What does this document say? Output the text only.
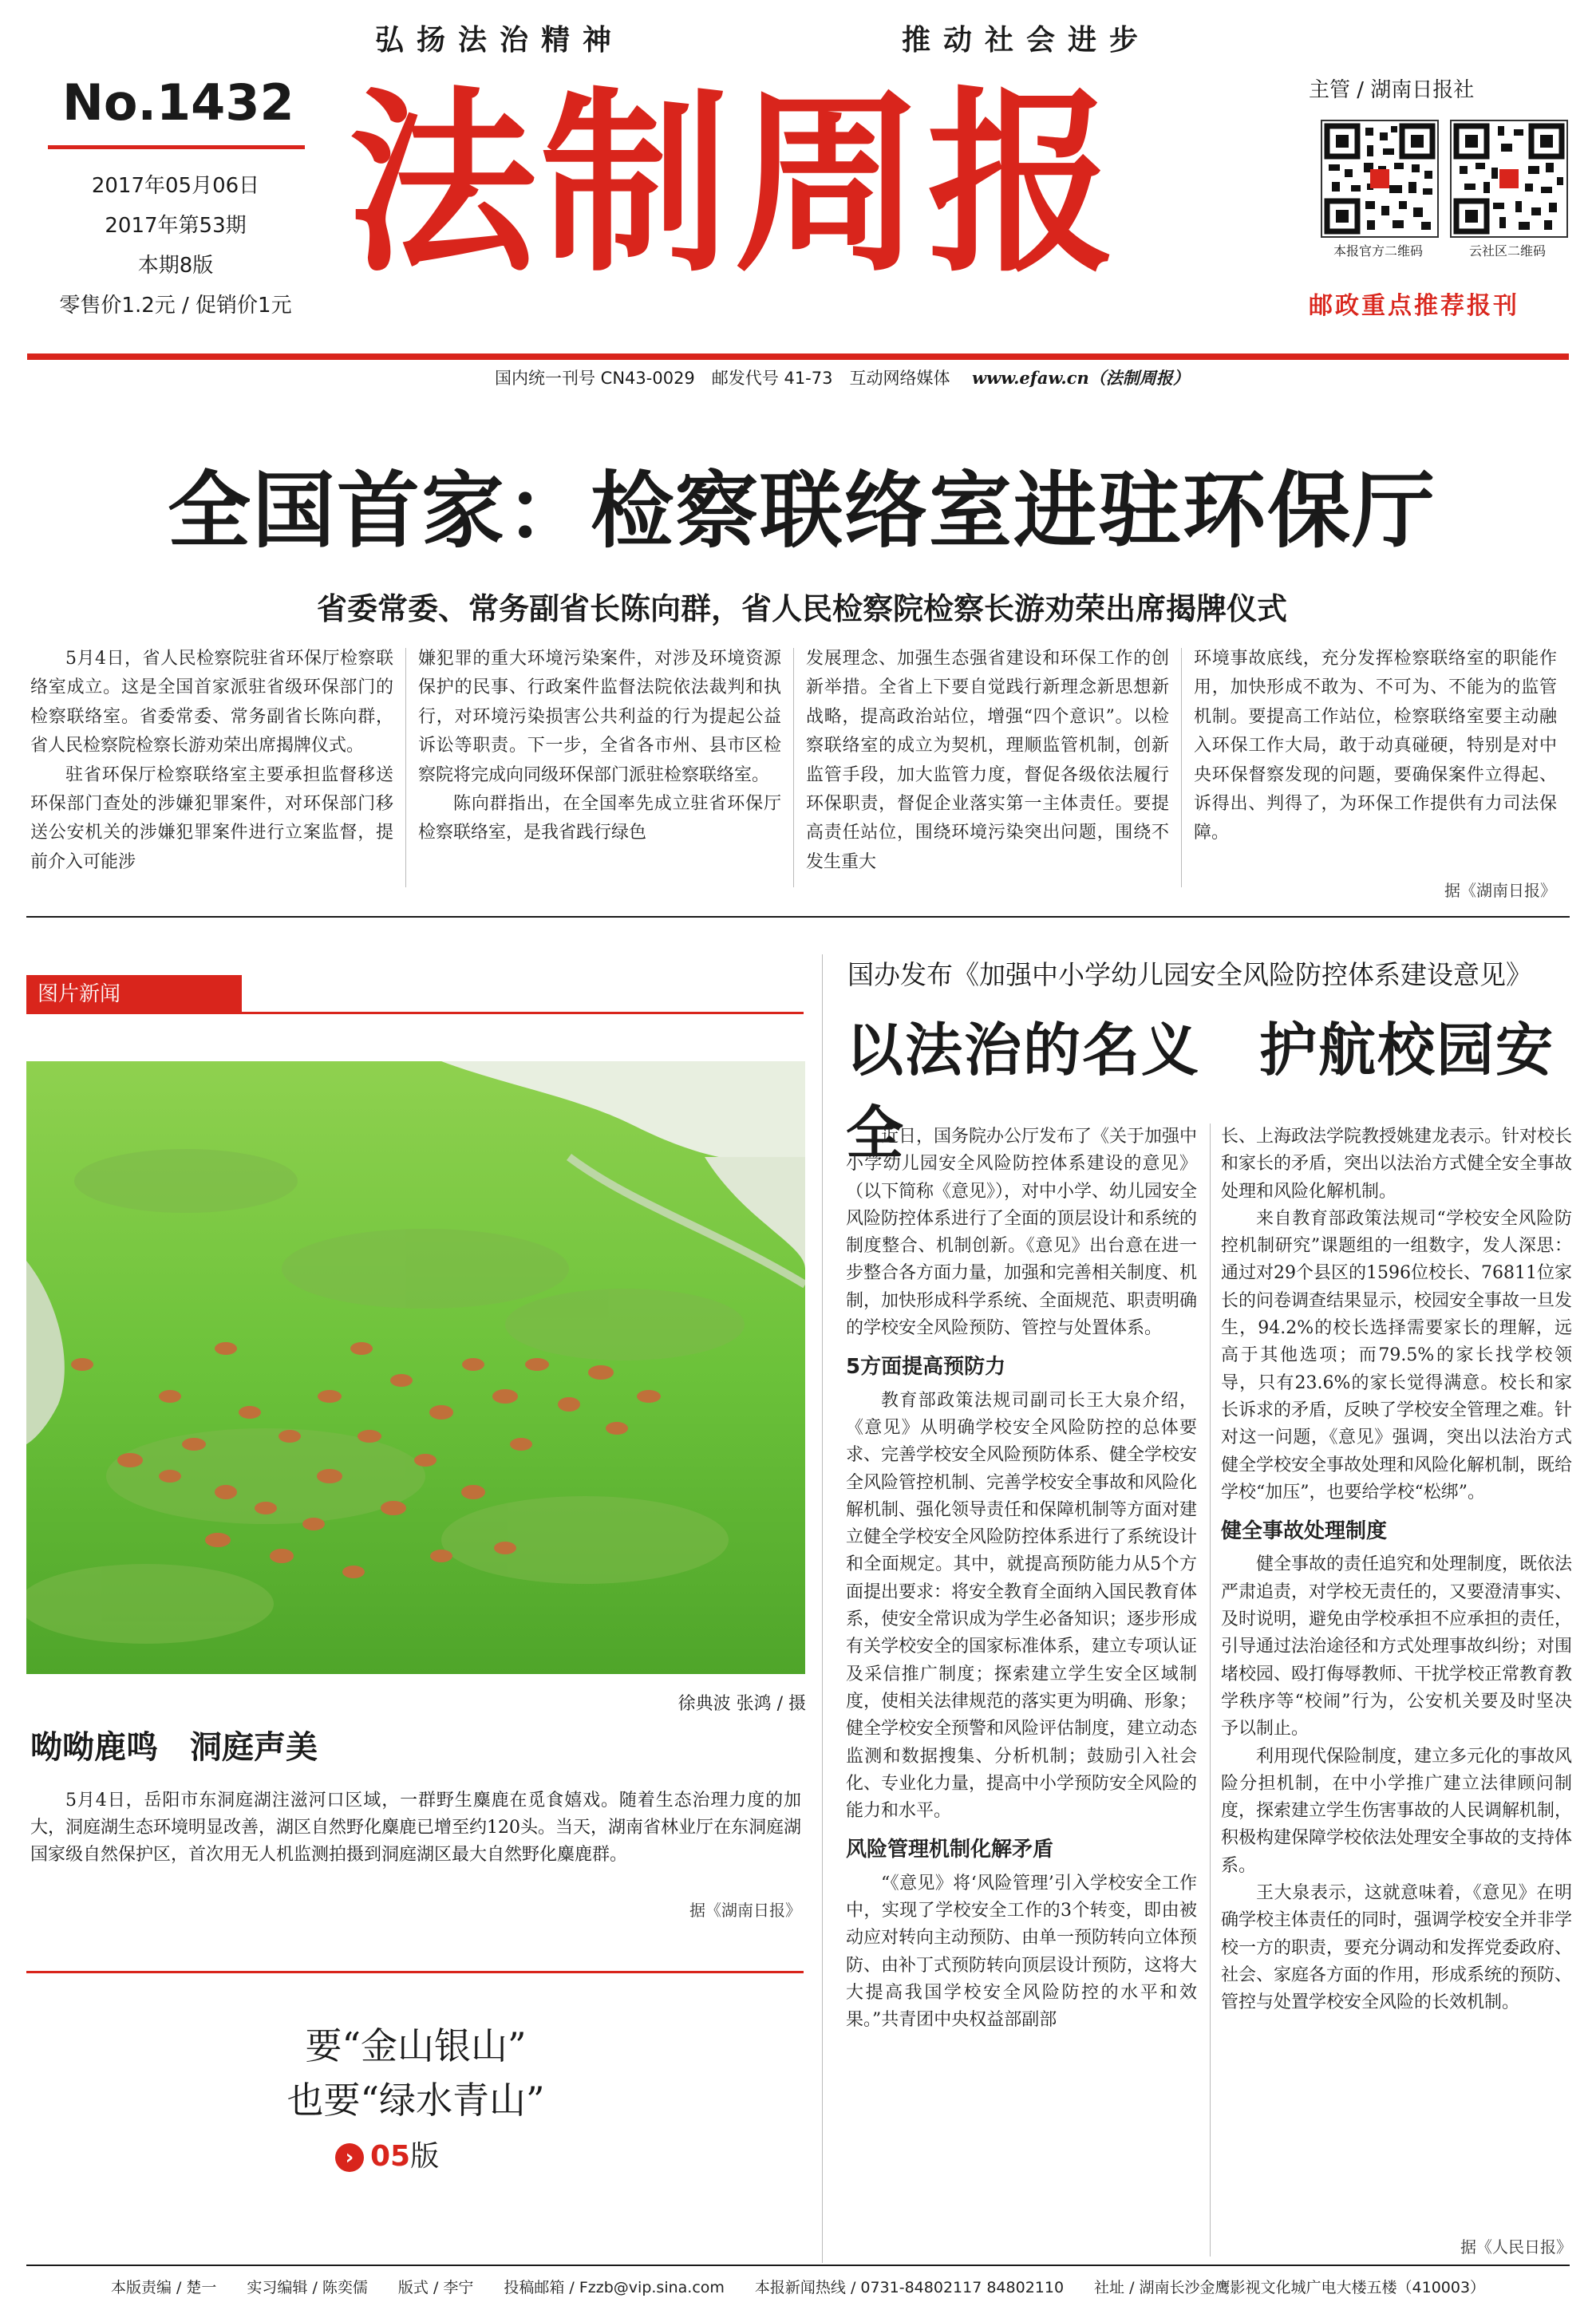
弘扬法治精神	推动社会进步
No.1432
2017年05月06日
2017年第53期
本期8版
零售价1.2元 / 促销价1元
法制周报	主管 / 湖南日报社
本报官方二维码	云社区二维码
邮政重点推荐报刊
国内统一刊号 CN43-0029　邮发代号 41-73　互动网络媒体 www.efaw.cn（法制周报）
全国首家：检察联络室进驻环保厅
省委常委、常务副省长陈向群，省人民检察院检察长游劝荣出席揭牌仪式

5月4日，省人民检察院驻省环保厅检察联络室成立。这是全国首家派驻省级环保部门的检察联络室。省委常委、常务副省长陈向群，省人民检察院检察长游劝荣出席揭牌仪式。

驻省环保厅检察联络室主要承担监督移送环保部门查处的涉嫌犯罪案件，对环保部门移送公安机关的涉嫌犯罪案件进行立案监督，提前介入可能涉

嫌犯罪的重大环境污染案件，对涉及环境资源保护的民事、行政案件监督法院依法裁判和执行，对环境污染损害公共利益的行为提起公益诉讼等职责。下一步，全省各市州、县市区检察院将完成向同级环保部门派驻检察联络室。

陈向群指出，在全国率先成立驻省环保厅检察联络室，是我省践行绿色

发展理念、加强生态强省建设和环保工作的创新举措。全省上下要自觉践行新理念新思想新战略，提高政治站位，增强“四个意识”。以检察联络室的成立为契机，理顺监管机制，创新监管手段，加大监管力度，督促各级依法履行环保职责，督促企业落实第一主体责任。要提高责任站位，围绕环境污染突出问题，围绕不发生重大

环境事故底线，充分发挥检察联络室的职能作用，加快形成不敢为、不可为、不能为的监管机制。要提高工作站位，检察联络室要主动融入环保工作大局，敢于动真碰硬，特别是对中央环保督察发现的问题，要确保案件立得起、诉得出、判得了，为环保工作提供有力司法保障。

据《湖南日报》
图片新闻
徐典波 张鸿 / 摄
呦呦鹿鸣　洞庭声美

5月4日，岳阳市东洞庭湖注滋河口区域，一群野生麋鹿在觅食嬉戏。随着生态治理力度的加大，洞庭湖生态环境明显改善，湖区自然野化麋鹿已增至约120头。当天，湖南省林业厅在东洞庭湖国家级自然保护区，首次用无人机监测拍摄到洞庭湖区最大自然野化麋鹿群。

据《湖南日报》
要“金山银山”
也要“绿水青山”
› 05版
国办发布《加强中小学幼儿园安全风险防控体系建设意见》
以法治的名义　护航校园安全

近日，国务院办公厅发布了《关于加强中小学幼儿园安全风险防控体系建设的意见》（以下简称《意见》），对中小学、幼儿园安全风险防控体系进行了全面的顶层设计和系统的制度整合、机制创新。《意见》出台意在进一步整合各方面力量，加强和完善相关制度、机制，加快形成科学系统、全面规范、职责明确的学校安全风险预防、管控与处置体系。

5方面提高预防力

教育部政策法规司副司长王大泉介绍，《意见》从明确学校安全风险防控的总体要求、完善学校安全风险预防体系、健全学校安全风险管控机制、完善学校安全事故和风险化解机制、强化领导责任和保障机制等方面对建立健全学校安全风险防控体系进行了系统设计和全面规定。其中，就提高预防能力从5个方面提出要求：将安全教育全面纳入国民教育体系，使安全常识成为学生必备知识；逐步形成有关学校安全的国家标准体系，建立专项认证及采信推广制度；探索建立学生安全区域制度，使相关法律规范的落实更为明确、形象；健全学校安全预警和风险评估制度，建立动态监测和数据搜集、分析机制；鼓励引入社会化、专业化力量，提高中小学预防安全风险的能力和水平。

风险管理机制化解矛盾

“《意见》将‘风险管理’引入学校安全工作中，实现了学校安全工作的3个转变，即由被动应对转向主动预防、由单一预防转向立体预防、由补丁式预防转向顶层设计预防，这将大大提高我国学校安全风险防控的水平和效果。”共青团中央权益部副部

长、上海政法学院教授姚建龙表示。针对校长和家长的矛盾，突出以法治方式健全安全事故处理和风险化解机制。

来自教育部政策法规司“学校安全风险防控机制研究”课题组的一组数字，发人深思：通过对29个县区的1596位校长、76811位家长的问卷调查结果显示，校园安全事故一旦发生，94.2%的校长选择需要家长的理解，远高于其他选项；而79.5%的家长找学校领导，只有23.6%的家长觉得满意。校长和家长诉求的矛盾，反映了学校安全管理之难。针对这一问题，《意见》强调，突出以法治方式健全学校安全事故处理和风险化解机制，既给学校“加压”，也要给学校“松绑”。

健全事故处理制度

健全事故的责任追究和处理制度，既依法严肃追责，对学校无责任的，又要澄清事实、及时说明，避免由学校承担不应承担的责任，引导通过法治途径和方式处理事故纠纷；对围堵校园、殴打侮辱教师、干扰学校正常教育教学秩序等“校闹”行为，公安机关要及时坚决予以制止。

利用现代保险制度，建立多元化的事故风险分担机制，在中小学推广建立法律顾问制度，探索建立学生伤害事故的人民调解机制，积极构建保障学校依法处理安全事故的支持体系。

王大泉表示，这就意味着，《意见》在明确学校主体责任的同时，强调学校安全并非学校一方的职责，要充分调动和发挥党委政府、社会、家庭各方面的作用，形成系统的预防、管控与处置学校安全风险的长效机制。

据《人民日报》
本版责编 / 楚一　　实习编辑 / 陈奕儒　　版式 / 李宁　　投稿邮箱 / Fzzb@vip.sina.com　　本报新闻热线 / 0731-84802117 84802110　　社址 / 湖南长沙金鹰影视文化城广电大楼五楼（410003）
